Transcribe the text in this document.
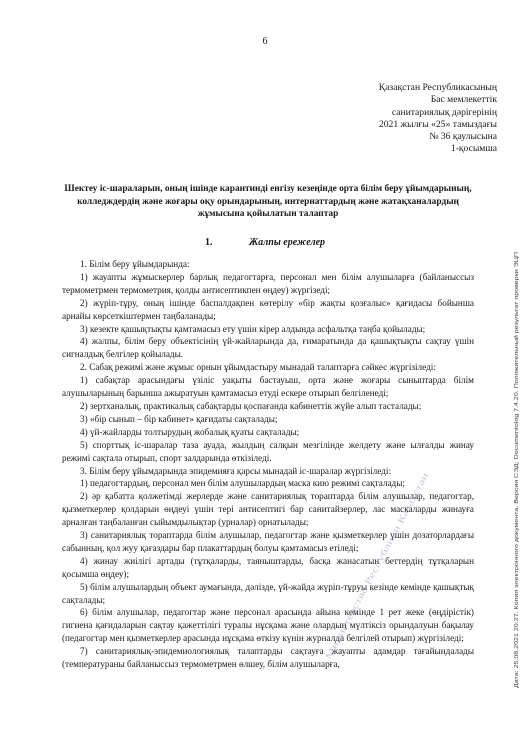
6
Қазақстан Республикасының
Бас мемлекеттік
санитариялық дәрігерінің
2021 жылғы «25» тамыздағы
№ 36 қаулысына
1-қосымша
Шектеу іс-шараларын, оның ішінде карантинді енгізу кезеңінде орта білім беру ұйымдарының, колледждердің және жоғары оқу орындарының, интернаттардың және жатақханалардың жұмысына қойылатын талаптар
1.	Жалпы ережелер

1. Білім беру ұйымдарында:

1) жауапты жұмыскерлер барлық педагогтарға, персонал мен білім алушыларға (байланыссыз термометрмен термометрия, қолды антисептикпен өңдеу) жүргізеді;

2) жүріп-тұру, оның ішінде баспалдақпен көтерілу «бір жақты қозғалыс» қағидасы бойынша арнайы көрсеткіштермен таңбаланады;

3) кезекте қашықтықты қамтамасыз ету үшін кірер алдында асфальтқа таңба қойылады;

4) жалпы, білім беру объектісінің үй-жайларында да, ғимаратында да қашықтықты сақтау үшін сигналдық белгілер қойылады.

2. Сабақ режимі және жұмыс орнын ұйымдастыру мынадай талаптарға сәйкес жүргізіледі:

1) сабақтар арасындағы үзіліс уақыты бастауыш, орта және жоғары сыныптарда білім алушыларының барынша ажыратуын қамтамасыз етуді ескере отырып белгіленеді;

2) зертханалық, практикалық сабақтарды қоспағанда кабинеттік жүйе алып тасталады;

3) «бір сынып – бір кабинет» қағидаты сақталады;

4) үй-жайларды толтырудың жобалық қуаты сақталады;

5) спорттық іс-шаралар таза ауада, жылдың салқын мезгілінде желдету және ылғалды жинау режимі сақтала отырып, спорт залдарында өткізіледі.

3. Білім беру ұйымдарында эпидемияға қарсы мынадай іс-шаралар жүргізіледі:

1) педагогтардың, персонал мен білім алушылардың маска кию режимі сақталады;

2) әр қабатта қолжетімді жерлерде және санитариялық тораптарда білім алушылар, педагогтар, қызметкерлер қолдарын өңдеуі үшін тері антисептигі бар санитайзерлер, лас маскаларды жинауға арналған таңбаланған сыйымдылықтар (урналар) орнатылады;

3) санитариялық тораптарда білім алушылар, педагогтар және қызметкерлер үшін дозаторлардағы сабынның, қол жуу қағаздары бар плакаттардың болуы қамтамасыз етіледі;

4) жинау жиілігі артады (тұтқаларды, таяныштарды, басқа жанасатын беттердің тұтқаларын қосымша өңдеу);

5) білім алушылардың объект аумағында, дәлізде, үй-жайда жүріп-тұруы кезінде кемінде қашықтық сақталады;

6) білім алушылар, педагогтар және персонал арасында айына кемінде 1 рет жеке (өңдірістік) гигиена қағидаларын сақтау қажеттілігі туралы нұсқама және олардың мүлтіксіз орындалуын бақылау (педагогтар мен қызметкерлер арасында нұсқама өткізу күнін журналда белгілей отырып) жүргізіледі;

7) санитариялық-эпидемиологиялық талаптарды сақтауға жауапты адамдар тағайындалады (температураны байланыссыз термометрмен өлшеу, білім алушыларға,	Дата: 25.08.2021 20:27. Копия электронного документа. Версия СЭД: Documentolog 7.4.20. Положительный результат проверки ЭЦП
Министерство Республики Казахстан
